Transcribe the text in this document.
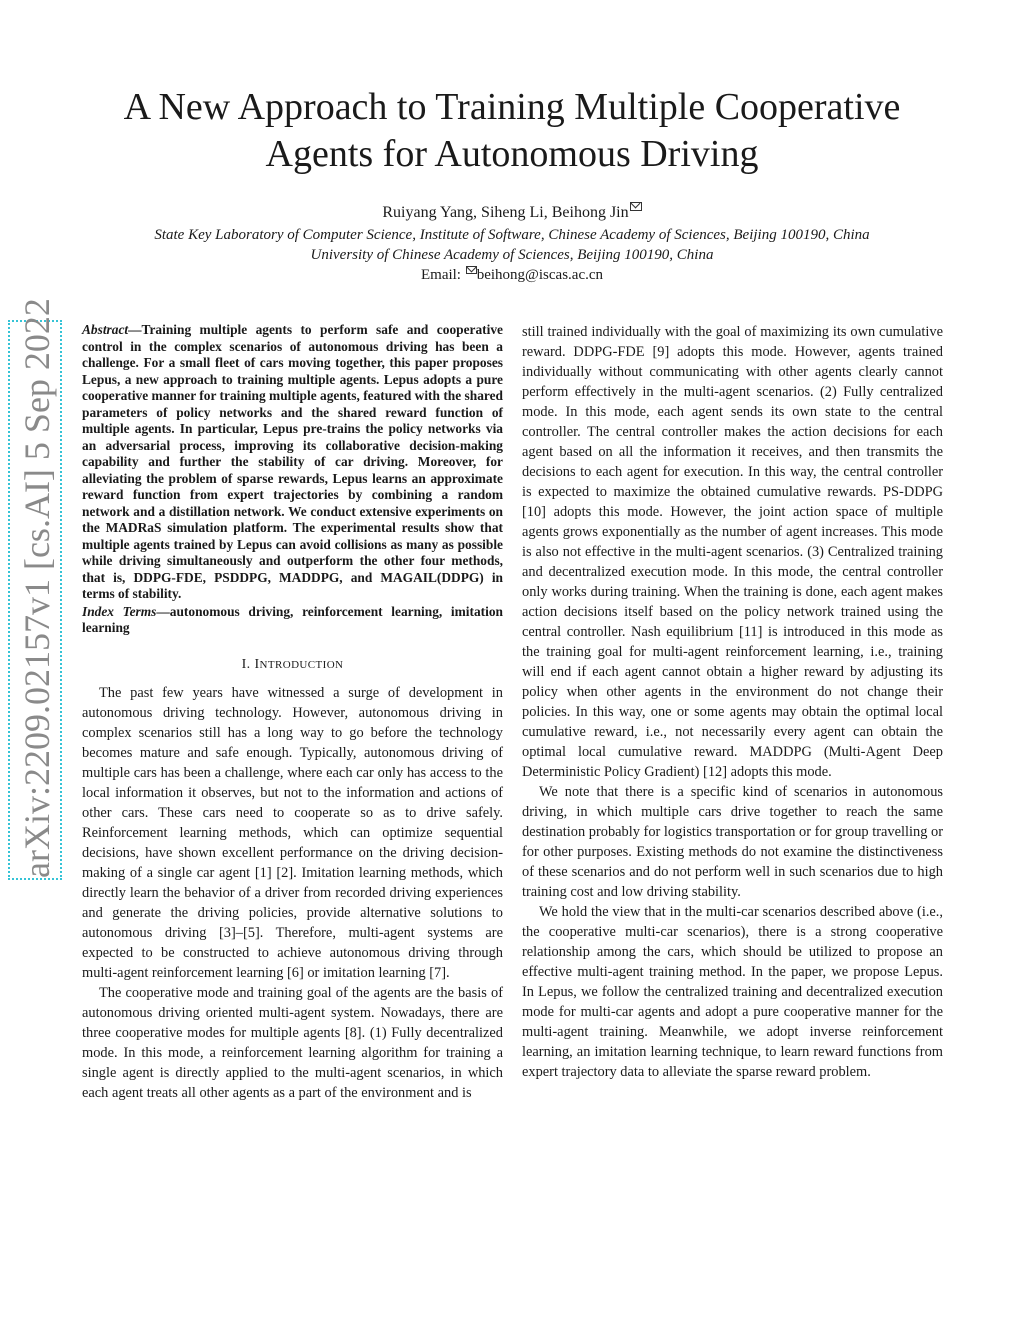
A New Approach to Training Multiple Cooperative
Agents for Autonomous Driving
Ruiyang Yang, Siheng Li, Beihong Jin
State Key Laboratory of Computer Science, Institute of Software, Chinese Academy of Sciences, Beijing 100190, China
University of Chinese Academy of Sciences, Beijing 100190, China
Email: beihong@iscas.ac.cn
arXiv:2209.02157v1 [cs.AI] 5 Sep 2022	Abstract—Training multiple agents to perform safe and cooperative control in the complex scenarios of autonomous driving has been a challenge. For a small fleet of cars moving together, this paper proposes Lepus, a new approach to training multiple agents. Lepus adopts a pure cooperative manner for training multiple agents, featured with the shared parameters of policy networks and the shared reward function of multiple agents. In particular, Lepus pre-trains the policy networks via an adversarial process, improving its collaborative decision-making capability and further the stability of car driving. Moreover, for alleviating the problem of sparse rewards, Lepus learns an approximate reward function from expert trajectories by combining a random network and a distillation network. We conduct extensive experiments on the MADRaS simulation platform. The experimental results show that multiple agents trained by Lepus can avoid collisions as many as possible while driving simultaneously and outperform the other four methods, that is, DDPG-FDE, PSDDPG, MADDPG, and MAGAIL(DDPG) in terms of stability.

Index Terms—autonomous driving, reinforcement learning, imitation learning

I. INTRODUCTION

The past few years have witnessed a surge of development in autonomous driving technology. However, autonomous driving in complex scenarios still has a long way to go before the technology becomes mature and safe enough. Typically, autonomous driving of multiple cars has been a challenge, where each car only has access to the local information it observes, but not to the information and actions of other cars. These cars need to cooperate so as to drive safely. Reinforcement learning methods, which can optimize sequential decisions, have shown excellent performance on the driving decision-making of a single car agent [1] [2]. Imitation learning methods, which directly learn the behavior of a driver from recorded driving experiences and generate the driving policies, provide alternative solutions to autonomous driving [3]–[5]. Therefore, multi-agent systems are expected to be constructed to achieve autonomous driving through multi-agent reinforcement learning [6] or imitation learning [7].

The cooperative mode and training goal of the agents are the basis of autonomous driving oriented multi-agent system. Nowadays, there are three cooperative modes for multiple agents [8]. (1) Fully decentralized mode. In this mode, a reinforcement learning algorithm for training a single agent is directly applied to the multi-agent scenarios, in which each agent treats all other agents as a part of the environment and is

still trained individually with the goal of maximizing its own cumulative reward. DDPG-FDE [9] adopts this mode. However, agents trained individually without communicating with other agents clearly cannot perform effectively in the multi-agent scenarios. (2) Fully centralized mode. In this mode, each agent sends its own state to the central controller. The central controller makes the action decisions for each agent based on all the information it receives, and then transmits the decisions to each agent for execution. In this way, the central controller is expected to maximize the obtained cumulative rewards. PS-DDPG [10] adopts this mode. However, the joint action space of multiple agents grows exponentially as the number of agent increases. This mode is also not effective in the multi-agent scenarios. (3) Centralized training and decentralized execution mode. In this mode, the central controller only works during training. When the training is done, each agent makes action decisions itself based on the policy network trained using the central controller. Nash equilibrium [11] is introduced in this mode as the training goal for multi-agent reinforcement learning, i.e., training will end if each agent cannot obtain a higher reward by adjusting its policy when other agents in the environment do not change their policies. In this way, one or some agents may obtain the optimal local cumulative reward, i.e., not necessarily every agent can obtain the optimal local cumulative reward. MADDPG (Multi-Agent Deep Deterministic Policy Gradient) [12] adopts this mode.

We note that there is a specific kind of scenarios in autonomous driving, in which multiple cars drive together to reach the same destination probably for logistics transportation or for group travelling or for other purposes. Existing methods do not examine the distinctiveness of these scenarios and do not perform well in such scenarios due to high training cost and low driving stability.

We hold the view that in the multi-car scenarios described above (i.e., the cooperative multi-car scenarios), there is a strong cooperative relationship among the cars, which should be utilized to propose an effective multi-agent training method. In the paper, we propose Lepus. In Lepus, we follow the centralized training and decentralized execution mode for multi-car agents and adopt a pure cooperative manner for the multi-agent training. Meanwhile, we adopt inverse reinforcement learning, an imitation learning technique, to learn reward functions from expert trajectory data to alleviate the sparse reward problem.
